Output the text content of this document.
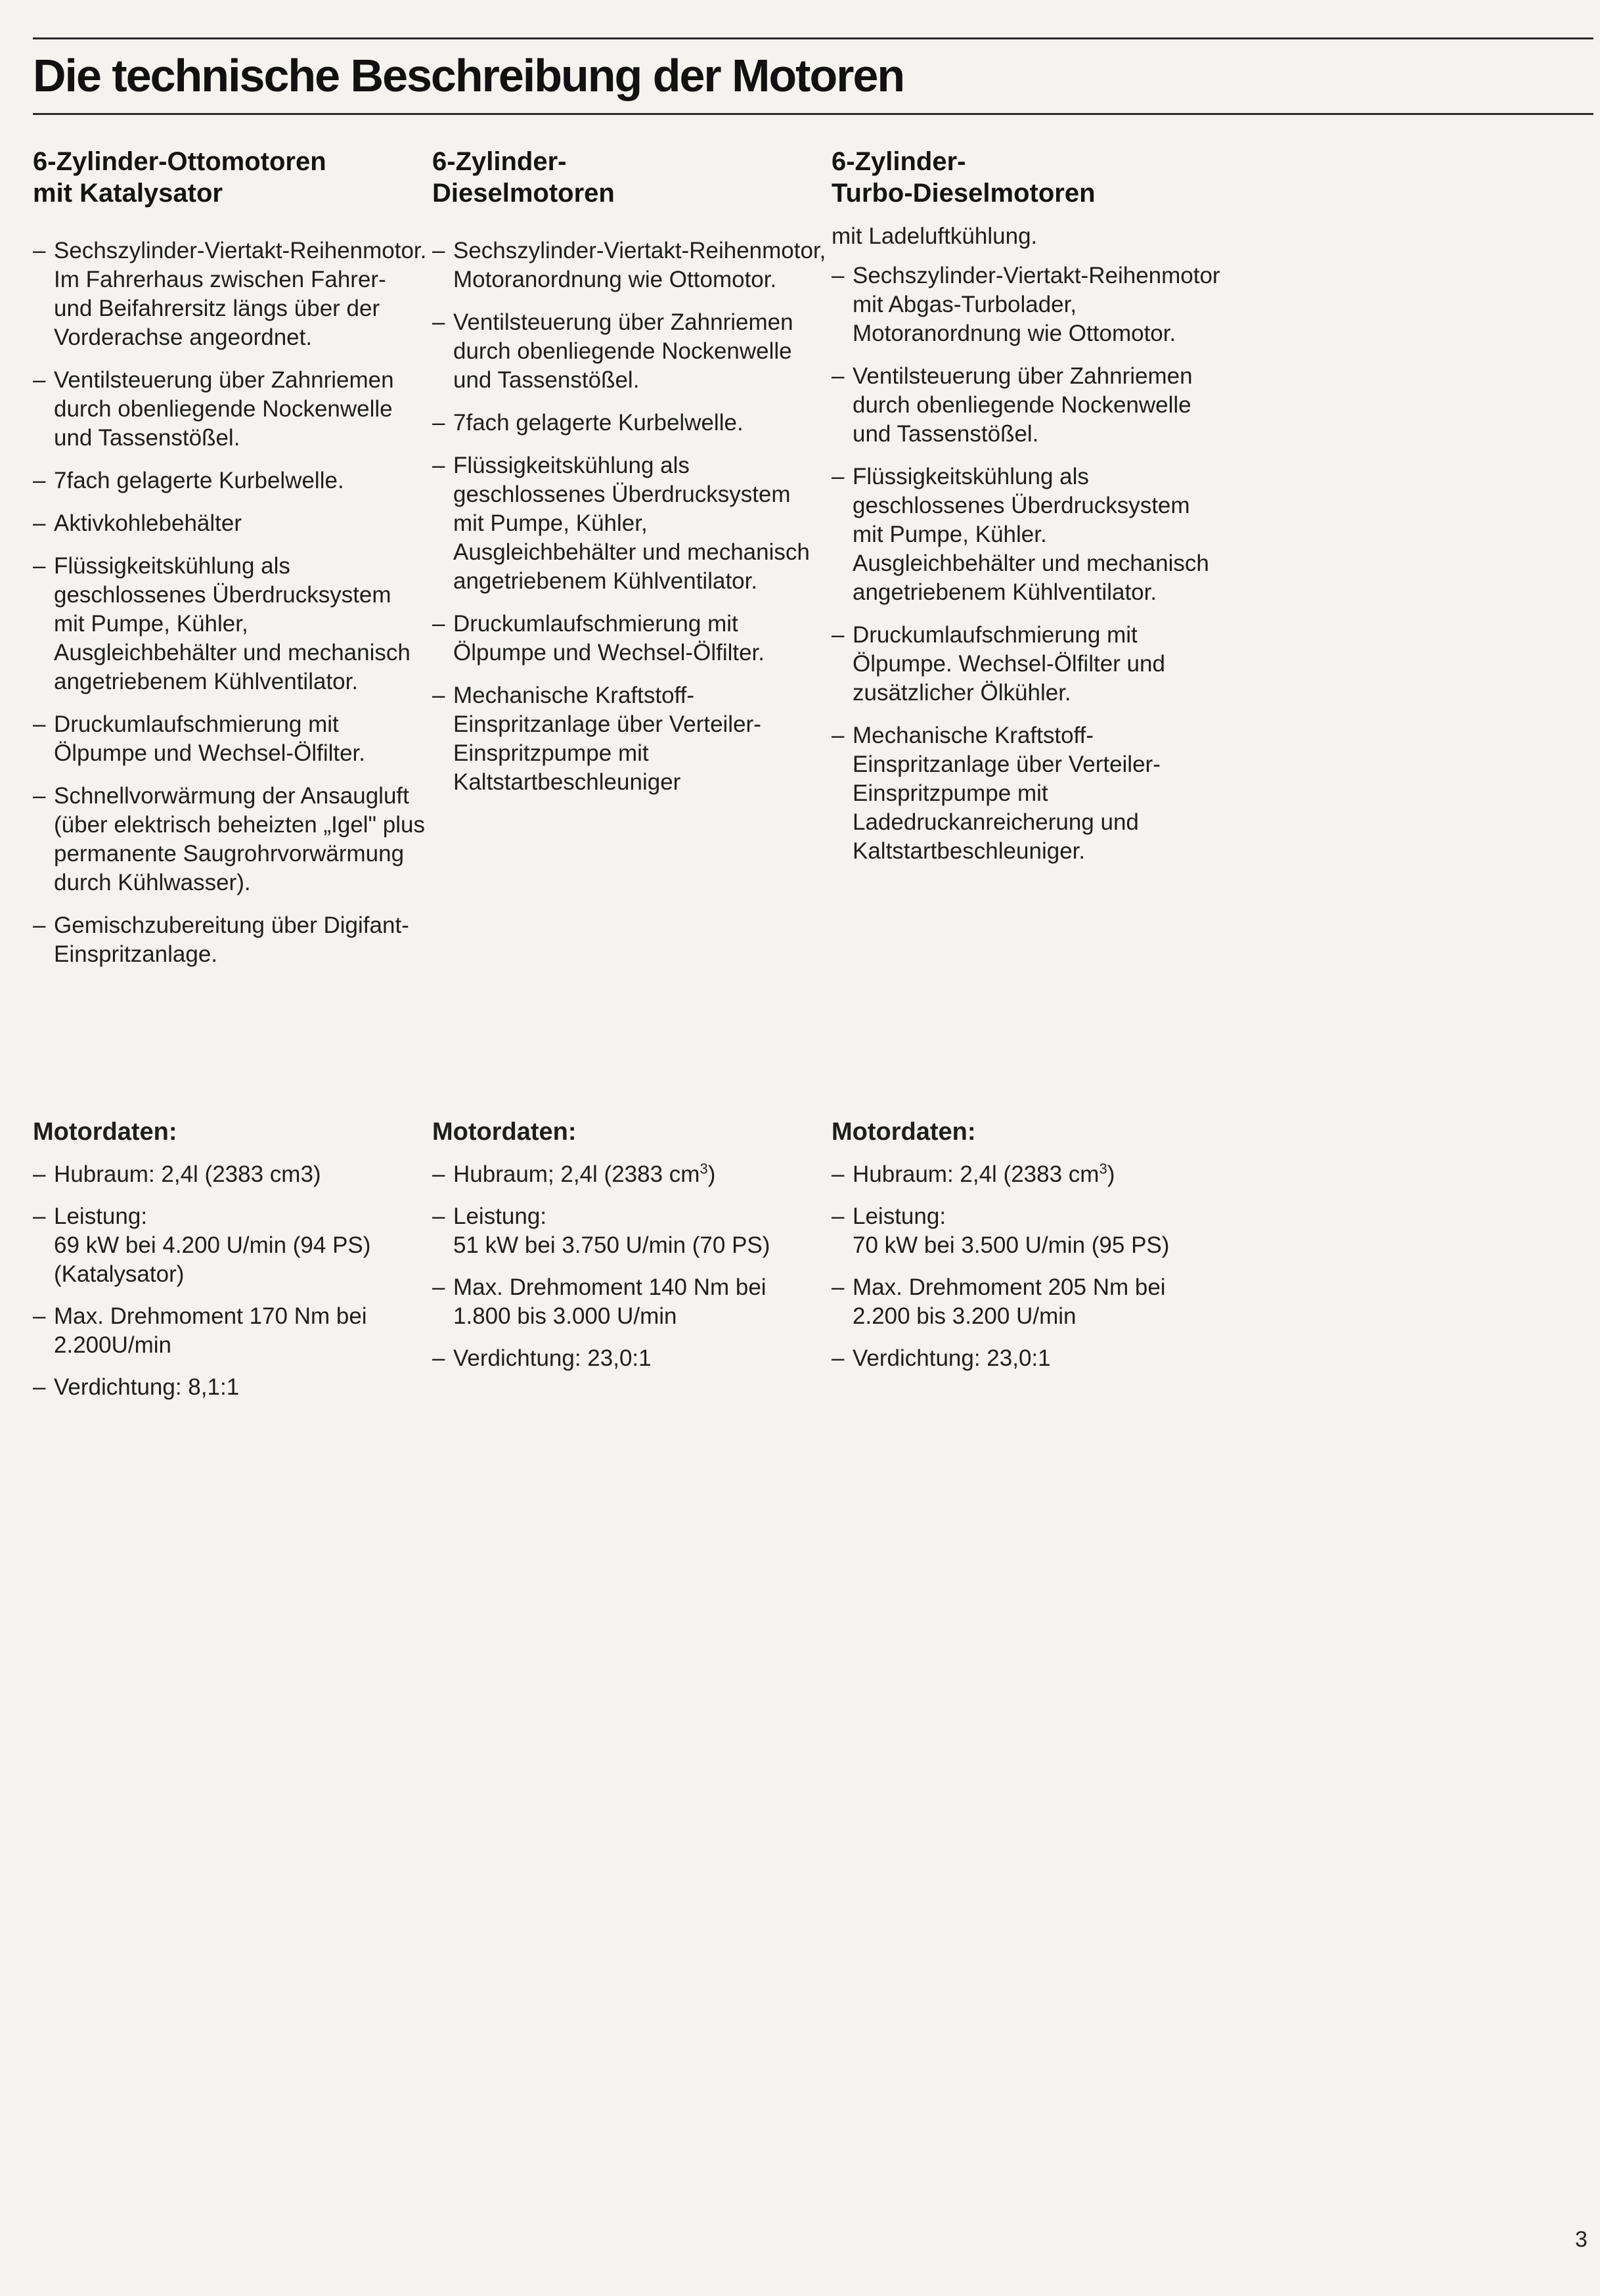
Die technische Beschreibung der Motoren
6-Zylinder-Ottomotoren
mit Katalysator
– Sechszylinder-Viertakt-Reihenmotor. Im Fahrerhaus zwischen Fahrer- und Beifahrersitz längs über der Vorderachse angeordnet.
– Ventilsteuerung über Zahnriemen durch obenliegende Nockenwelle und Tassenstößel.
– 7fach gelagerte Kurbelwelle.
– Aktivkohlebehälter
– Flüssigkeitskühlung als geschlossenes Überdrucksystem mit Pumpe, Kühler, Ausgleichbehälter und mechanisch angetriebenem Kühlventilator.
– Druckumlaufschmierung mit Ölpumpe und Wechsel-Ölfilter.
– Schnellvorwärmung der Ansaugluft (über elektrisch beheizten „Igel" plus permanente Saugrohrvorwärmung durch Kühlwasser).
– Gemischzubereitung über Digifant-Einspritzanlage.
6-Zylinder-
Dieselmotoren
– Sechszylinder-Viertakt-Reihenmotor, Motoranordnung wie Ottomotor.
– Ventilsteuerung über Zahnriemen durch obenliegende Nockenwelle und Tassenstößel.
– 7fach gelagerte Kurbelwelle.
– Flüssigkeitskühlung als geschlossenes Überdrucksystem mit Pumpe, Kühler, Ausgleichbehälter und mechanisch angetriebenem Kühlventilator.
– Druckumlaufschmierung mit Ölpumpe und Wechsel-Ölfilter.
– Mechanische Kraftstoff-Einspritzanlage über Verteiler-Einspritzpumpe mit Kaltstartbeschleuniger
6-Zylinder-
Turbo-Dieselmotoren

mit Ladeluftkühlung.

– Sechszylinder-Viertakt-Reihenmotor mit Abgas-Turbolader, Motoranordnung wie Ottomotor.
– Ventilsteuerung über Zahnriemen durch obenliegende Nockenwelle und Tassenstößel.
– Flüssigkeitskühlung als geschlossenes Überdrucksystem mit Pumpe, Kühler. Ausgleichbehälter und mechanisch angetriebenem Kühlventilator.
– Druckumlaufschmierung mit Ölpumpe. Wechsel-Ölfilter und zusätzlicher Ölkühler.
– Mechanische Kraftstoff-Einspritzanlage über Verteiler-Einspritzpumpe mit Ladedruckanreicherung und Kaltstartbeschleuniger.
Motordaten:
– Hubraum: 2,4l (2383 cm3)
– Leistung:
69 kW bei 4.200 U/min (94 PS)
(Katalysator)
– Max. Drehmoment 170 Nm bei
2.200U/min
– Verdichtung: 8,1:1
Motordaten:
– Hubraum; 2,4l (2383 $cm^3$)
– Leistung:
51 kW bei 3.750 U/min (70 PS)
– Max. Drehmoment 140 Nm bei
1.800 bis 3.000 U/min
– Verdichtung: 23,0:1
Motordaten:
– Hubraum: 2,4l (2383 $cm^3$)
– Leistung:
70 kW bei 3.500 U/min (95 PS)
– Max. Drehmoment 205 Nm bei
2.200 bis 3.200 U/min
– Verdichtung: 23,0:1
3
